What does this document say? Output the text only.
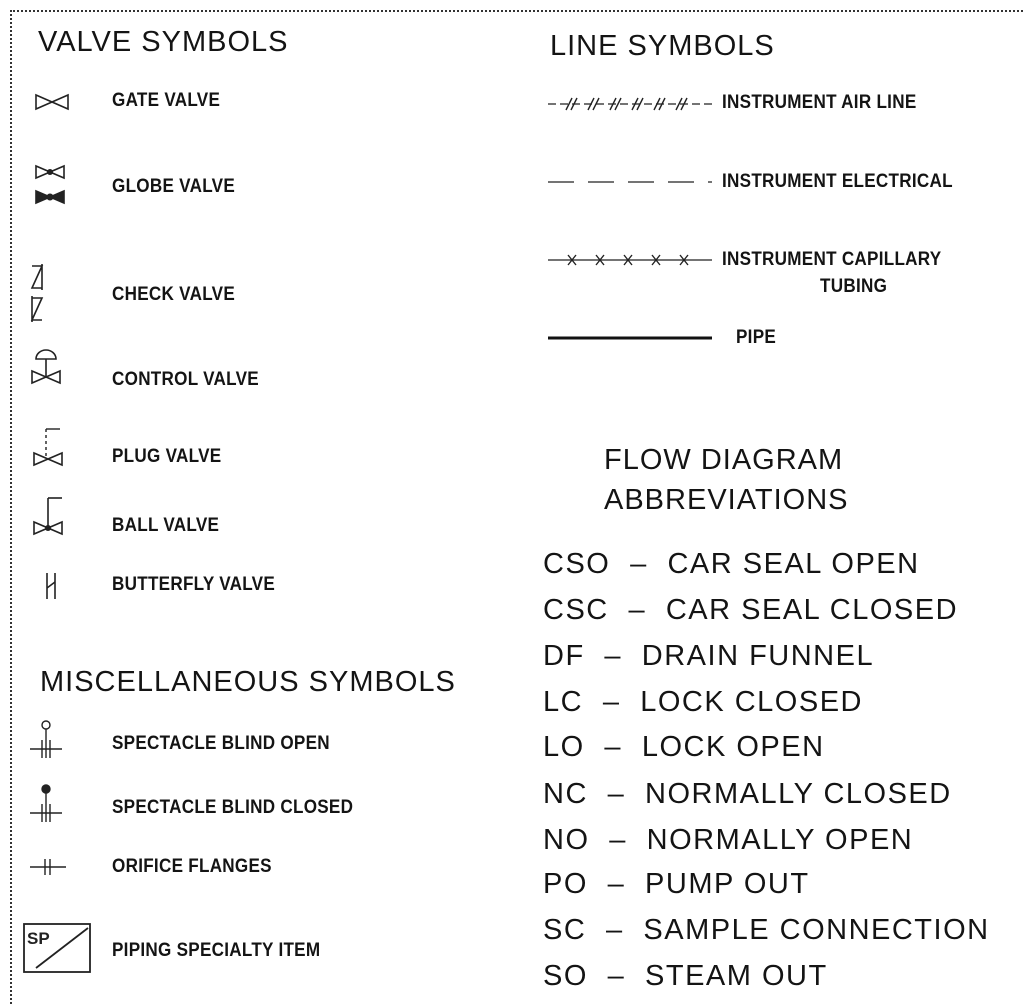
VALVE SYMBOLS
GATE VALVE
GLOBE VALVE
CHECK VALVE
CONTROL VALVE
PLUG VALVE
BALL VALVE
BUTTERFLY VALVE
MISCELLANEOUS SYMBOLS
SPECTACLE BLIND OPEN
SPECTACLE BLIND CLOSED
ORIFICE FLANGES
SP
PIPING SPECIALTY ITEM
LINE SYMBOLS
INSTRUMENT AIR LINE
INSTRUMENT ELECTRICAL
INSTRUMENT CAPILLARY
TUBING
PIPE
FLOW DIAGRAM
ABBREVIATIONS
CSO – CAR SEAL OPEN
CSC – CAR SEAL CLOSED
DF – DRAIN FUNNEL
LC – LOCK CLOSED
LO – LOCK OPEN
NC – NORMALLY CLOSED
NO – NORMALLY OPEN
PO – PUMP OUT
SC – SAMPLE CONNECTION
SO – STEAM OUT
